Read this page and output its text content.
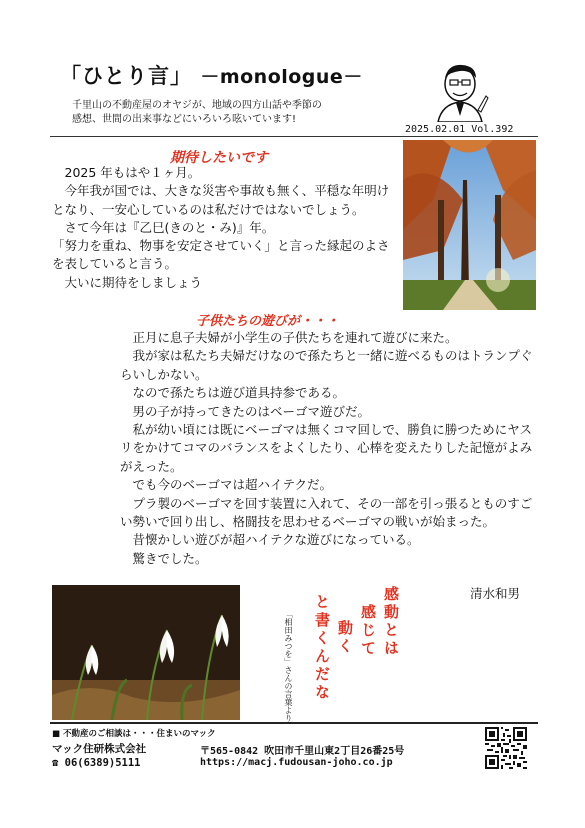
「ひとり言」 －monologue－
千里山の不動産屋のオヤジが、地域の四方山話や季節の
感想、世間の出来事などにいろいろ呟いています!
2025.02.01 Vol.392
期待したいです

2025 年もはや１ヶ月。

今年我が国では、大きな災害や事故も無く、平穏な年明けとなり、一安心しているのは私だけではないでしょう。

さて今年は『乙巳(きのと・み)』年。

「努力を重ね、物事を安定させていく」と言った縁起のよさを表していると言う。

大いに期待をしましょう

子供たちの遊びが・・・

正月に息子夫婦が小学生の子供たちを連れて遊びに来た。

我が家は私たち夫婦だけなので孫たちと一緒に遊べるものはトランプぐらいしかない。

なので孫たちは遊び道具持参である。

男の子が持ってきたのはベーゴマ遊びだ。

私が幼い頃には既にベーゴマは無くコマ回しで、勝負に勝つためにヤスリをかけてコマのバランスをよくしたり、心棒を変えたりした記憶がよみがえった。

でも今のベーゴマは超ハイテクだ。

プラ製のベーゴマを回す装置に入れて、その一部を引っ張るとものすごい勢いで回り出し、格闘技を思わせるベーゴマの戦いが始まった。

昔懐かしい遊びが超ハイテクな遊びになっている。

驚きでした。

清水和男
「相田みつを」さんの言葉より	感動とは
感じて
動く
と書くんだな
■ 不動産のご相談は・・・住まいのマック
マック住研株式会社
☎ 06(6389)5111
〒565-0842 吹田市千里山東2丁目26番25号
https://macj.fudousan-joho.co.jp
